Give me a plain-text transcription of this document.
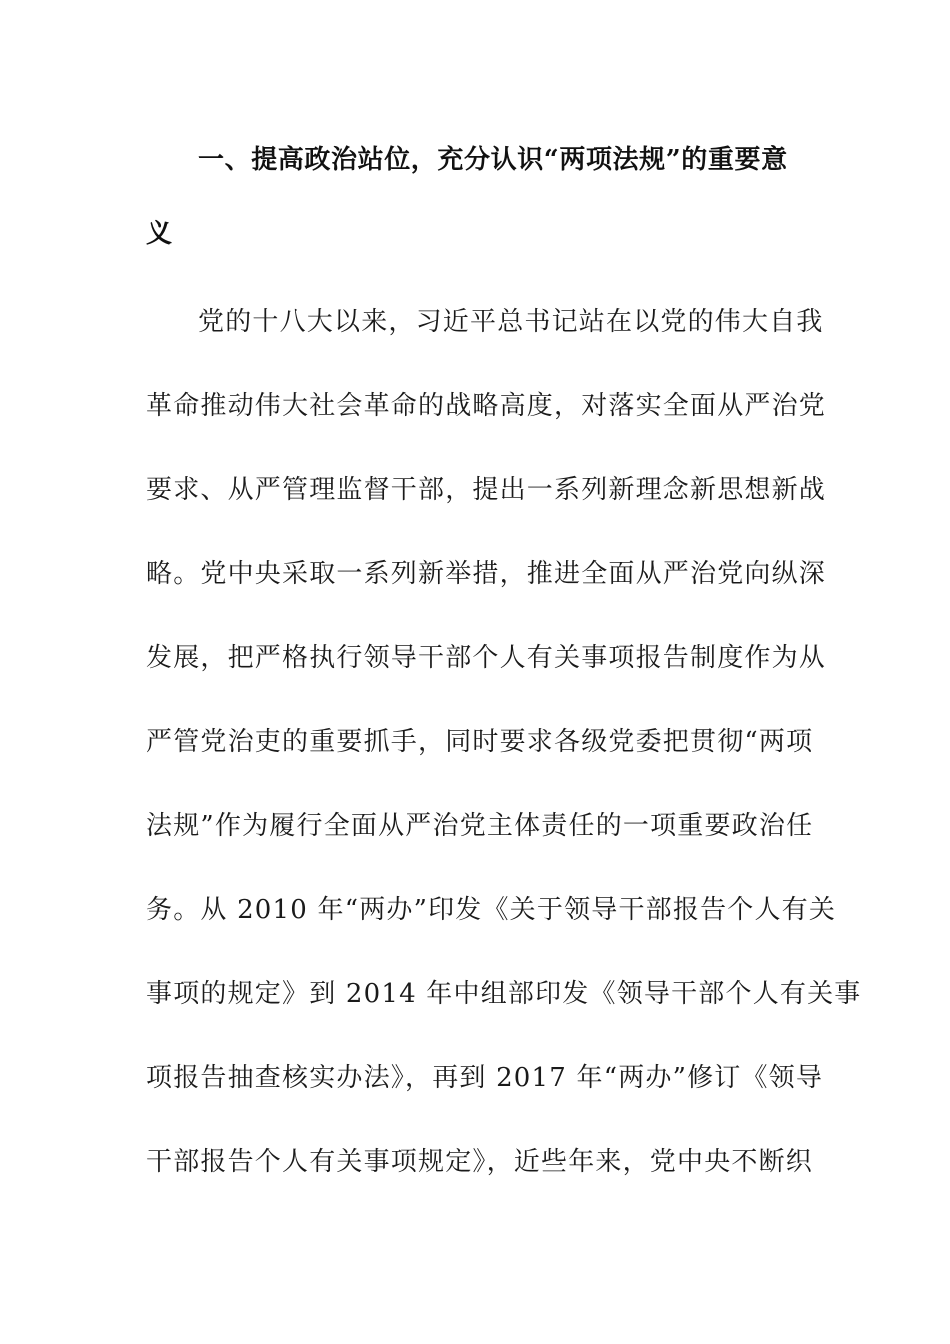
一、提高政治站位，充分认识“两项法规”的重要意
义
党的十八大以来，习近平总书记站在以党的伟大自我
革命推动伟大社会革命的战略高度，对落实全面从严治党
要求、从严管理监督干部，提出一系列新理念新思想新战
略。党中央采取一系列新举措，推进全面从严治党向纵深
发展，把严格执行领导干部个人有关事项报告制度作为从
严管党治吏的重要抓手，同时要求各级党委把贯彻“两项
法规”作为履行全面从严治党主体责任的一项重要政治任
务。从 2010 年“两办”印发《关于领导干部报告个人有关
事项的规定》到 2014 年中组部印发《领导干部个人有关事
项报告抽查核实办法》，再到 2017 年“两办”修订《领导
干部报告个人有关事项规定》，近些年来，党中央不断织
